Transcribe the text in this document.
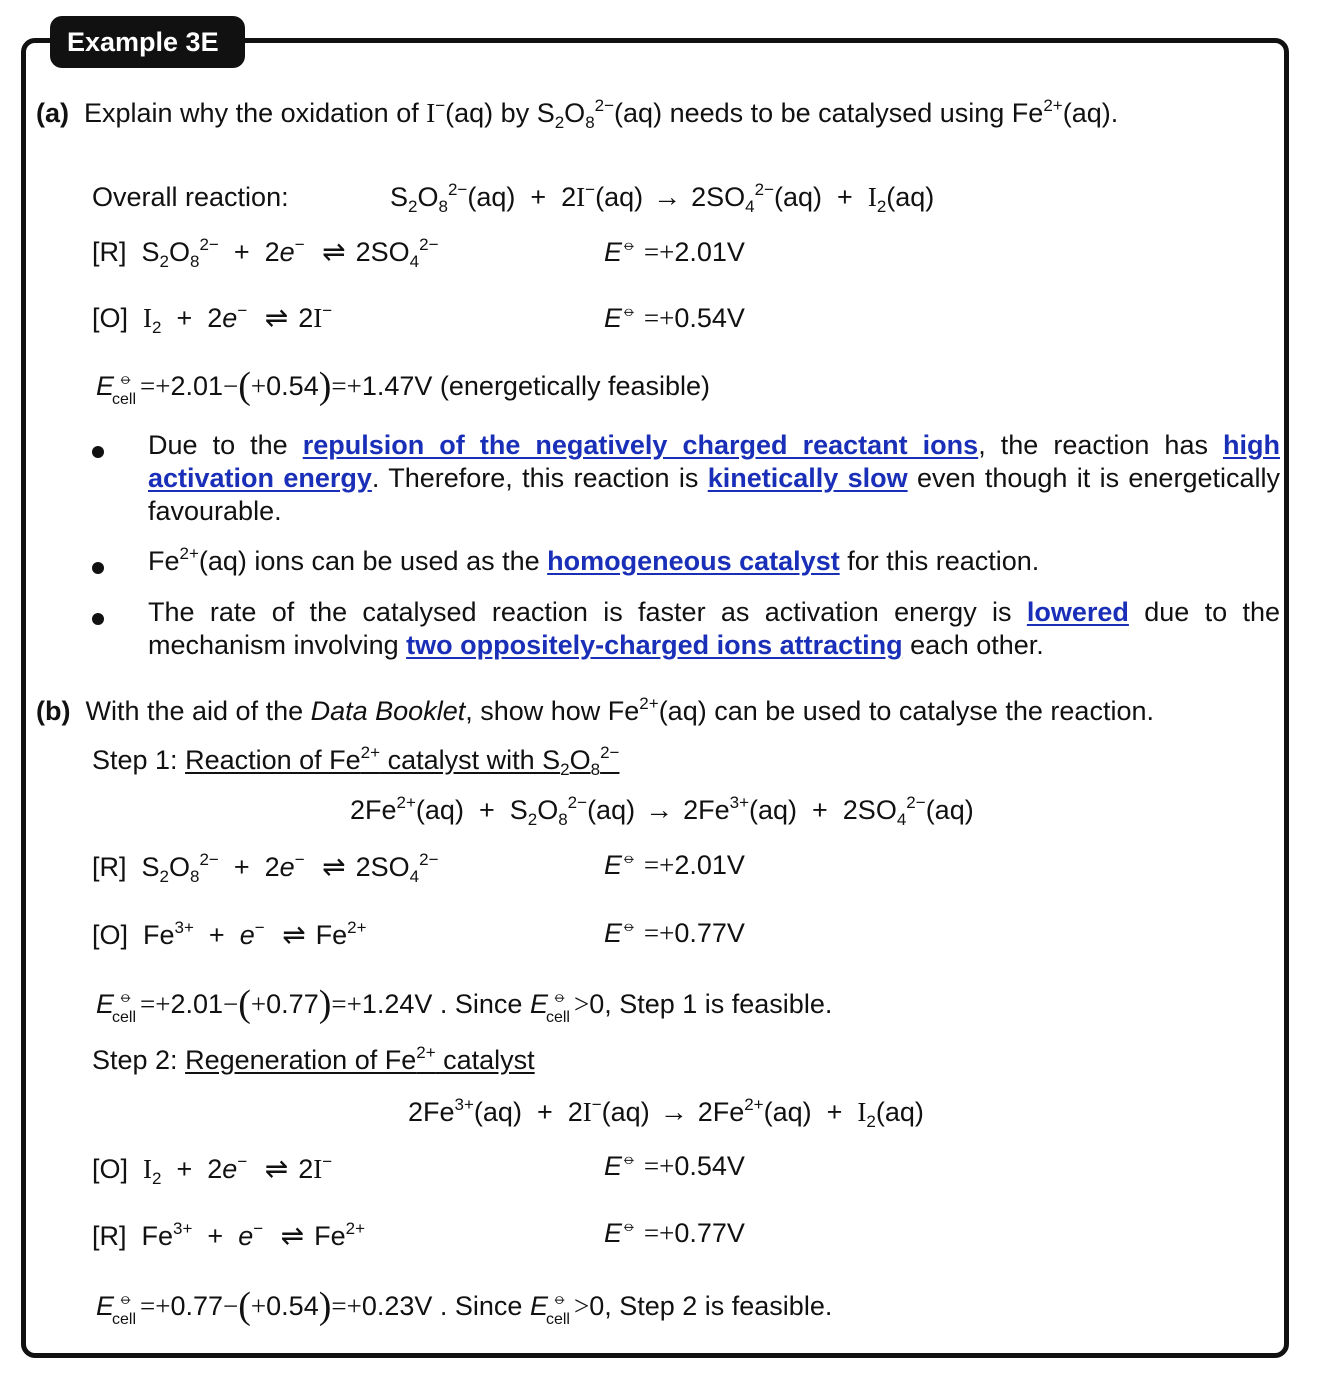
Example 3E
(a)  Explain why the oxidation of I−(aq) by $S_2O_8^{2-}(aq)$ needs to be catalysed using $Fe^{2+}(aq)$.
Overall reaction:	$S_2O_8^{2-}(aq) + 2I^-(aq) \to 2SO_4^{2-}(aq) + I_2(aq)$
[R]  $S_2O_8^{2-} + 2e^-$ ⇌ $2SO_4^{2-}$	E⦵ =+2.01V
[O]  $I_2 + 2e^-$ ⇌ 2I−	E⦵ =+0.54V
E ⦵
cell =+2.01−(+0.54)=+1.47V (energetically feasible)
Due to the repulsion of the negatively charged reactant ions, the reaction has high activation energy. Therefore, this reaction is kinetically slow even though it is energetically favourable.
$Fe^{2+}(aq)$ ions can be used as the homogeneous catalyst for this reaction.
The rate of the catalysed reaction is faster as activation energy is lowered due to the mechanism involving two oppositely-charged ions attracting each other.
(b)  With the aid of the Data Booklet, show how $Fe^{2+}(aq)$ can be used to catalyse the reaction.
Step 1: Reaction of $Fe^{2+}$ catalyst with $S_2O_8^{2-}$
$2Fe^{2+}(aq) + S_2O_8^{2-}(aq) \to 2Fe^{3+}(aq) + 2SO_4^{2-}(aq)$
[R]  $S_2O_8^{2-} + 2e^-$ ⇌ $2SO_4^{2-}$	E⦵ =+2.01V
[O]  $Fe^{3+} + e^-$ ⇌ $Fe^{2+}$	E⦵ =+0.77V
E ⦵
cell =+2.01−(+0.77)=+1.24V . Since E ⦵
cell >0, Step 1 is feasible.
Step 2: Regeneration of $Fe^{2+}$ catalyst
$2Fe^{3+}(aq) + 2I^-(aq) \to 2Fe^{2+}(aq) + I_2(aq)$
[O]  $I_2 + 2e^-$ ⇌ 2I−	E⦵ =+0.54V
[R]  $Fe^{3+} + e^-$ ⇌ $Fe^{2+}$	E⦵ =+0.77V
E ⦵
cell =+0.77−(+0.54)=+0.23V . Since E ⦵
cell >0, Step 2 is feasible.
